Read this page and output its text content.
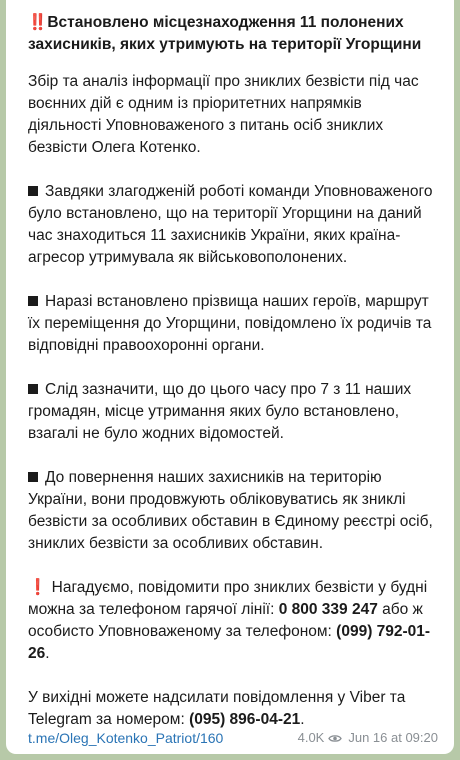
‼️Встановлено місцезнаходження 11 полонених захисників, яких утримують на території Угорщини

Збір та аналіз інформації про зниклих безвісти під час воєнних дій є одним із пріоритетних напрямків діяльності Уповноваженого з питань осіб зниклих безвісти Олега Котенко.

Завдяки злагодженій роботі команди Уповноваженого було встановлено, що на території Угорщини на даний час знаходиться 11 захисників України, яких країна-агресор утримувала як військовополонених.

Наразі встановлено прізвища наших героїв, маршрут їх переміщення до Угорщини, повідомлено їх родичів та відповідні правоохоронні органи.

Слід зазначити, що до цього часу про 7 з 11 наших громадян, місце утримання яких було встановлено, взагалі не було жодних відомостей.

До повернення наших захисників на територію України, вони продовжують обліковуватись як зниклі безвісти за особливих обставин в Єдиному реєстрі осіб, зниклих безвісти за особливих обставин.

❗ Нагадуємо, повідомити про зниклих безвісти у будні можна за телефоном гарячої лінії: 0 800 339 247 або ж особисто Уповноваженому за телефоном: (099) 792-01-26.

У вихідні можете надсилати повідомлення у Viber та Telegram за номером: (095) 896-04-21.

t.me/Oleg_Kotenko_Patriot/160	4.0K Jun 16 at 09:20
